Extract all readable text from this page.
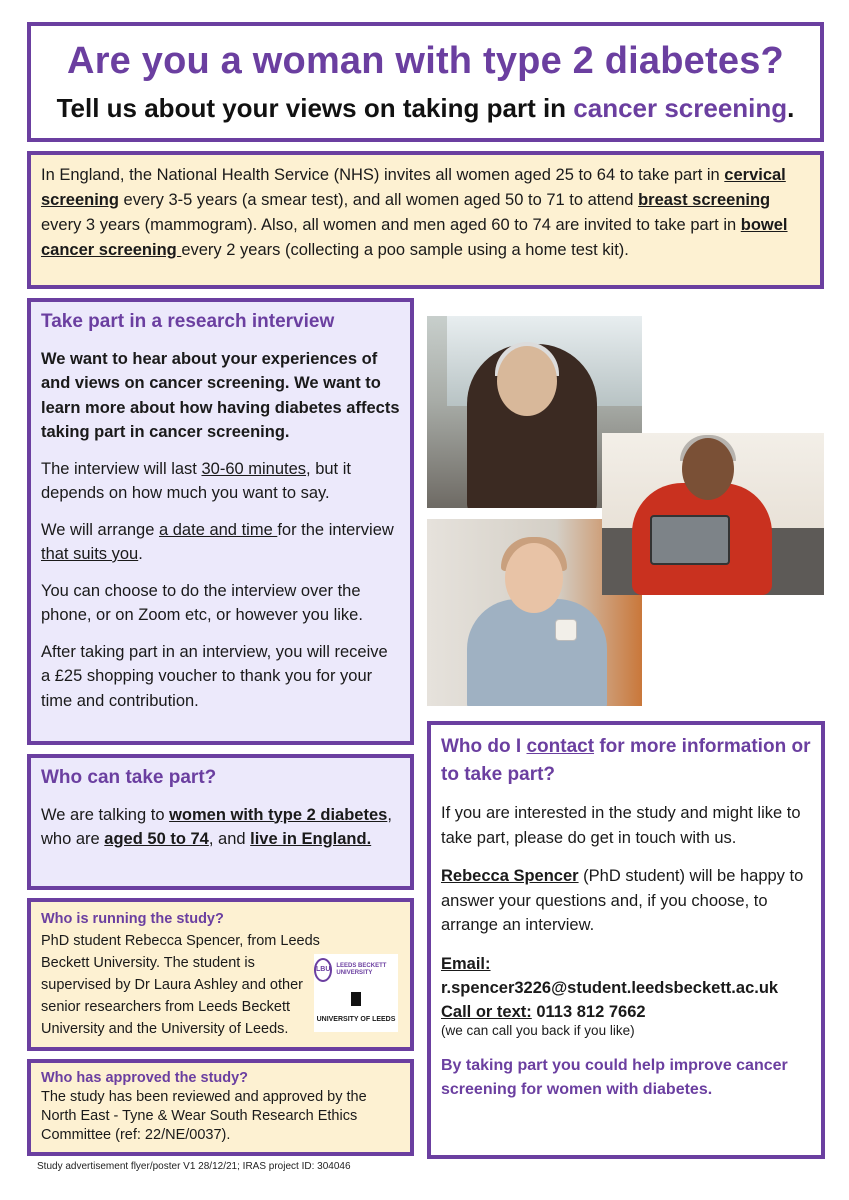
Are you a woman with type 2 diabetes?
Tell us about your views on taking part in cancer screening.

In England, the National Health Service (NHS) invites all women aged 25 to 64 to take part in cervical screening every 3-5 years (a smear test), and all women aged 50 to 71 to attend breast screening every 3 years (mammogram). Also, all women and men aged 60 to 74 are invited to take part in bowel cancer screening every 2 years (collecting a poo sample using a home test kit).

Take part in a research interview

We want to hear about your experiences of and views on cancer screening. We want to learn more about how having diabetes affects taking part in cancer screening.

The interview will last 30-60 minutes, but it depends on how much you want to say.

We will arrange a date and time for the interview that suits you.

You can choose to do the interview over the phone, or on Zoom etc, or however you like.

After taking part in an interview, you will receive a £25 shopping voucher to thank you for your time and contribution.

Who can take part?

We are talking to women with type 2 diabetes, who are aged 50 to 74, and live in England.

Who is running the study?

PhD student Rebecca Spencer, from Leeds Beckett University. The student is supervised by Dr Laura Ashley and other senior researchers from Leeds Beckett University and the University of Leeds.

LBU	LEEDS BECKETT UNIVERSITY
UNIVERSITY OF LEEDS
Who has approved the study?

The study has been reviewed and approved by the North East - Tyne & Wear South Research Ethics Committee (ref: 22/NE/0037).

Study advertisement flyer/poster V1 28/12/21; IRAS project ID: 304046
Who do I contact for more information or to take part?

If you are interested in the study and might like to take part, please do get in touch with us.

Rebecca Spencer (PhD student) will be happy to answer your questions and, if you choose, to arrange an interview.

Email:
r.spencer3226@student.leedsbeckett.ac.uk
Call or text: 0113 812 7662

(we can call you back if you like)

By taking part you could help improve cancer screening for women with diabetes.
